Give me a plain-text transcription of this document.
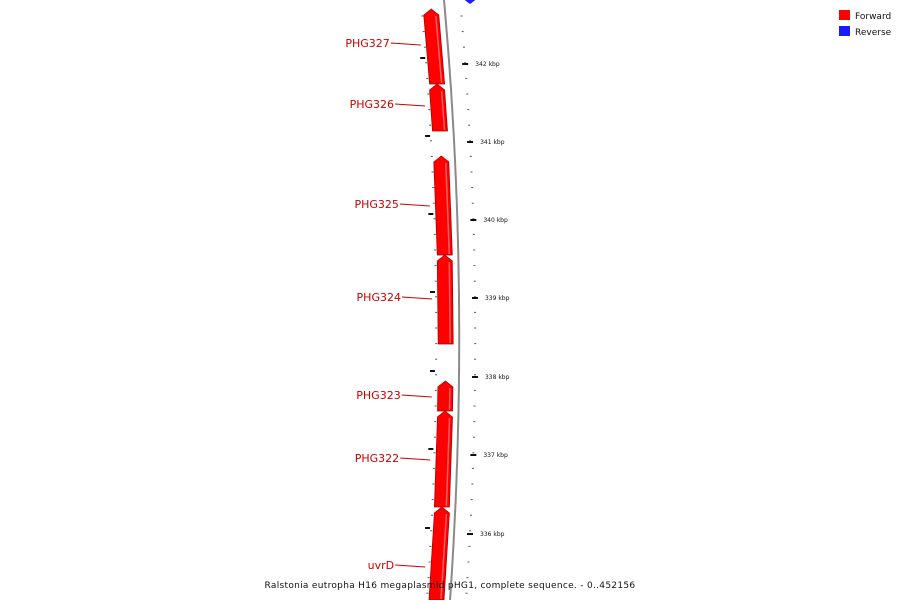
342 kbp
341 kbp
340 kbp
339 kbp
338 kbp
337 kbp
336 kbp
PHG327
PHG326
PHG325
PHG324
PHG323
PHG322
uvrD
Forward
Reverse
Ralstonia eutropha H16 megaplasmid pHG1, complete sequence. - 0..452156
